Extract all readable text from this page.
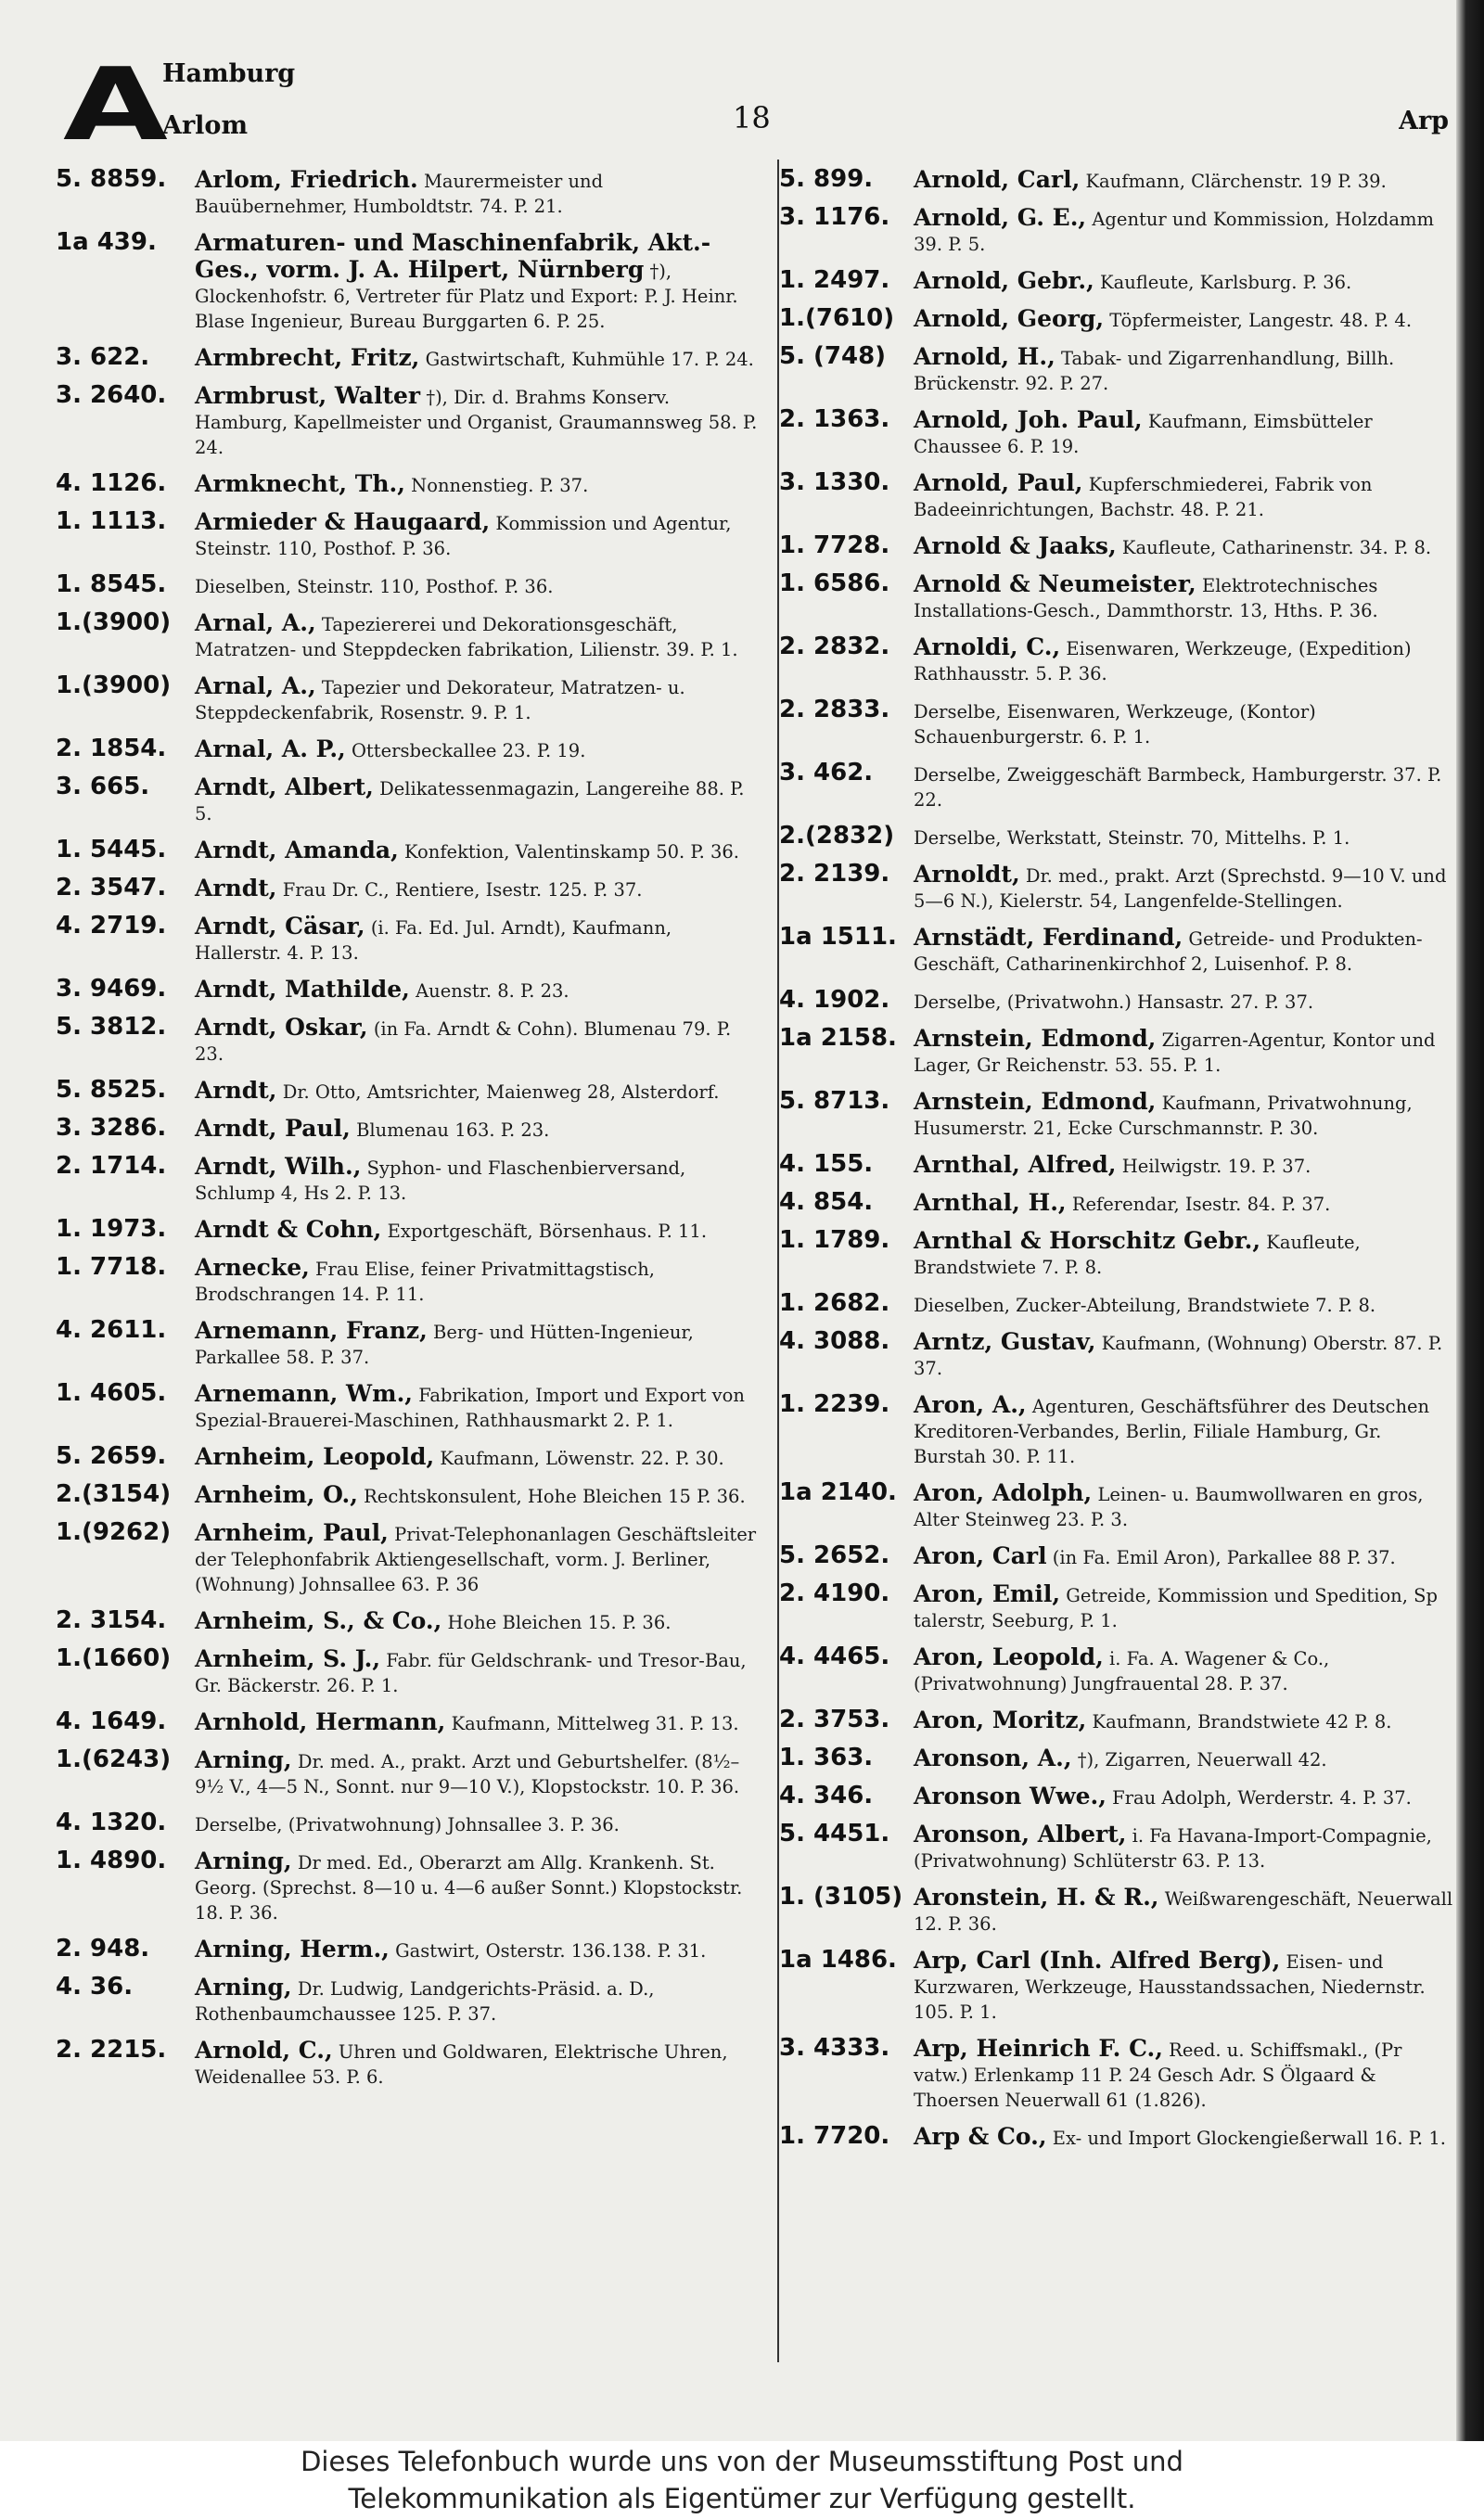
A
Hamburg
Arlom	18	Arp
5. 8859. Arlom, Friedrich. Maurermeister und Bauübernehmer, Humboldtstr. 74. P. 21.
1a 439. Armaturen- und Maschinenfabrik, Akt.-Ges., vorm. J. A. Hilpert, Nürnberg †), Glockenhofstr. 6, Vertreter für Platz und Export: P. J. Heinr. Blase Ingenieur, Bureau Burggarten 6. P. 25.
3. 622. Armbrecht, Fritz, Gastwirtschaft, Kuhmühle 17. P. 24.
3. 2640. Armbrust, Walter †), Dir. d. Brahms Konserv. Hamburg, Kapellmeister und Organist, Graumannsweg 58. P. 24.
4. 1126. Armknecht, Th., Nonnenstieg. P. 37.
1. 1113. Armieder & Haugaard, Kommission und Agentur, Steinstr. 110, Posthof. P. 36.
1. 8545. Dieselben, Steinstr. 110, Posthof. P. 36.
1.(3900) Arnal, A., Tapeziererei und Dekorationsgeschäft, Matratzen- und Steppdecken fabrikation, Lilienstr. 39. P. 1.
1.(3900) Arnal, A., Tapezier und Dekorateur, Matratzen- u. Steppdeckenfabrik, Rosenstr. 9. P. 1.
2. 1854. Arnal, A. P., Ottersbeckallee 23. P. 19.
3. 665. Arndt, Albert, Delikatessenmagazin, Langereihe 88. P. 5.
1. 5445. Arndt, Amanda, Konfektion, Valentinskamp 50. P. 36.
2. 3547. Arndt, Frau Dr. C., Rentiere, Isestr. 125. P. 37.
4. 2719. Arndt, Cäsar, (i. Fa. Ed. Jul. Arndt), Kaufmann, Hallerstr. 4. P. 13.
3. 9469. Arndt, Mathilde, Auenstr. 8. P. 23.
5. 3812. Arndt, Oskar, (in Fa. Arndt & Cohn). Blumenau 79. P. 23.
5. 8525. Arndt, Dr. Otto, Amtsrichter, Maienweg 28, Alsterdorf.
3. 3286. Arndt, Paul, Blumenau 163. P. 23.
2. 1714. Arndt, Wilh., Syphon- und Flaschenbierversand, Schlump 4, Hs 2. P. 13.
1. 1973. Arndt & Cohn, Exportgeschäft, Börsenhaus. P. 11.
1. 7718. Arnecke, Frau Elise, feiner Privatmittagstisch, Brodschrangen 14. P. 11.
4. 2611. Arnemann, Franz, Berg- und Hütten-Ingenieur, Parkallee 58. P. 37.
1. 4605. Arnemann, Wm., Fabrikation, Import und Export von Spezial-Brauerei-Maschinen, Rathhausmarkt 2. P. 1.
5. 2659. Arnheim, Leopold, Kaufmann, Löwenstr. 22. P. 30.
2.(3154) Arnheim, O., Rechtskonsulent, Hohe Bleichen 15 P. 36.
1.(9262) Arnheim, Paul, Privat-Telephonanlagen Geschäftsleiter der Telephonfabrik Aktiengesellschaft, vorm. J. Berliner, (Wohnung) Johnsallee 63. P. 36
2. 3154. Arnheim, S., & Co., Hohe Bleichen 15. P. 36.
1.(1660) Arnheim, S. J., Fabr. für Geldschrank- und Tresor-Bau, Gr. Bäckerstr. 26. P. 1.
4. 1649. Arnhold, Hermann, Kaufmann, Mittelweg 31. P. 13.
1.(6243) Arning, Dr. med. A., prakt. Arzt und Geburtshelfer. (8½–9½ V., 4—5 N., Sonnt. nur 9—10 V.), Klopstockstr. 10. P. 36.
4. 1320. Derselbe, (Privatwohnung) Johnsallee 3. P. 36.
1. 4890. Arning, Dr med. Ed., Oberarzt am Allg. Krankenh. St. Georg. (Sprechst. 8—10 u. 4—6 außer Sonnt.) Klopstockstr. 18. P. 36.
2. 948. Arning, Herm., Gastwirt, Osterstr. 136.138. P. 31.
4. 36.	Arning, Dr. Ludwig, Landgerichts-Präsid. a. D., Rothenbaumchaussee 125. P. 37.
2. 2215. Arnold, C., Uhren und Goldwaren, Elektrische Uhren, Weidenallee 53. P. 6.
5. 899. Arnold, Carl, Kaufmann, Clärchenstr. 19 P. 39.
3. 1176. Arnold, G. E., Agentur und Kommission, Holzdamm 39. P. 5.
1. 2497. Arnold, Gebr., Kaufleute, Karlsburg. P. 36.
1.(7610) Arnold, Georg, Töpfermeister, Langestr. 48. P. 4.
5. (748) Arnold, H., Tabak- und Zigarrenhandlung, Billh. Brückenstr. 92. P. 27.
2. 1363. Arnold, Joh. Paul, Kaufmann, Eimsbütteler Chaussee 6. P. 19.
3. 1330. Arnold, Paul, Kupferschmiederei, Fabrik von Badeeinrichtungen, Bachstr. 48. P. 21.
1. 7728. Arnold & Jaaks, Kaufleute, Catharinenstr. 34. P. 8.
1. 6586. Arnold & Neumeister, Elektrotechnisches Installations-Gesch., Dammthorstr. 13, Hths. P. 36.
2. 2832. Arnoldi, C., Eisenwaren, Werkzeuge, (Expedition) Rathhausstr. 5. P. 36.
2. 2833. Derselbe, Eisenwaren, Werkzeuge, (Kontor) Schauenburgerstr. 6. P. 1.
3. 462. Derselbe, Zweiggeschäft Barmbeck, Hamburgerstr. 37. P. 22.
2.(2832) Derselbe, Werkstatt, Steinstr. 70, Mittelhs. P. 1.
2. 2139. Arnoldt, Dr. med., prakt. Arzt (Sprechstd. 9—10 V. und 5—6 N.), Kielerstr. 54, Langenfelde-Stellingen.
1a 1511. Arnstädt, Ferdinand, Getreide- und Produkten-Geschäft, Catharinenkirchhof 2, Luisenhof. P. 8.
4. 1902. Derselbe, (Privatwohn.) Hansastr. 27. P. 37.
1a 2158. Arnstein, Edmond, Zigarren-Agentur, Kontor und Lager, Gr Reichenstr. 53. 55. P. 1.
5. 8713. Arnstein, Edmond, Kaufmann, Privatwohnung, Husumerstr. 21, Ecke Curschmannstr. P. 30.
4. 155. Arnthal, Alfred, Heilwigstr. 19. P. 37.
4. 854. Arnthal, H., Referendar, Isestr. 84. P. 37.
1. 1789. Arnthal & Horschitz Gebr., Kaufleute, Brandstwiete 7. P. 8.
1. 2682. Dieselben, Zucker-Abteilung, Brandstwiete 7. P. 8.
4. 3088. Arntz, Gustav, Kaufmann, (Wohnung) Oberstr. 87. P. 37.
1. 2239. Aron, A., Agenturen, Geschäftsführer des Deutschen Kreditoren-Verbandes, Berlin, Filiale Hamburg, Gr. Burstah 30. P. 11.
1a 2140. Aron, Adolph, Leinen- u. Baumwollwaren en gros, Alter Steinweg 23. P. 3.
5. 2652. Aron, Carl (in Fa. Emil Aron), Parkallee 88 P. 37.
2. 4190. Aron, Emil, Getreide, Kommission und Spedition, Sp talerstr, Seeburg, P. 1.
4. 4465. Aron, Leopold, i. Fa. A. Wagener & Co., (Privatwohnung) Jungfrauental 28. P. 37.
2. 3753. Aron, Moritz, Kaufmann, Brandstwiete 42 P. 8.
1. 363. Aronson, A., †), Zigarren, Neuerwall 42.
4. 346. Aronson Wwe., Frau Adolph, Werderstr. 4. P. 37.
5. 4451. Aronson, Albert, i. Fa Havana-Import-Compagnie, (Privatwohnung) Schlüterstr 63. P. 13.
1. (3105) Aronstein, H. & R., Weißwarengeschäft, Neuerwall 12. P. 36.
1a 1486. Arp, Carl (Inh. Alfred Berg), Eisen- und Kurzwaren, Werkzeuge, Hausstandssachen, Niedernstr. 105. P. 1.
3. 4333. Arp, Heinrich F. C., Reed. u. Schiffsmakl., (Pr vatw.) Erlenkamp 11 P. 24 Gesch Adr. S Ölgaard & Thoersen Neuerwall 61 (1.826).
1. 7720. Arp & Co., Ex- und Import Glockengießerwall 16. P. 1.
Dieses Telefonbuch wurde uns von der Museumsstiftung Post und
Telekommunikation als Eigentümer zur Verfügung gestellt.
